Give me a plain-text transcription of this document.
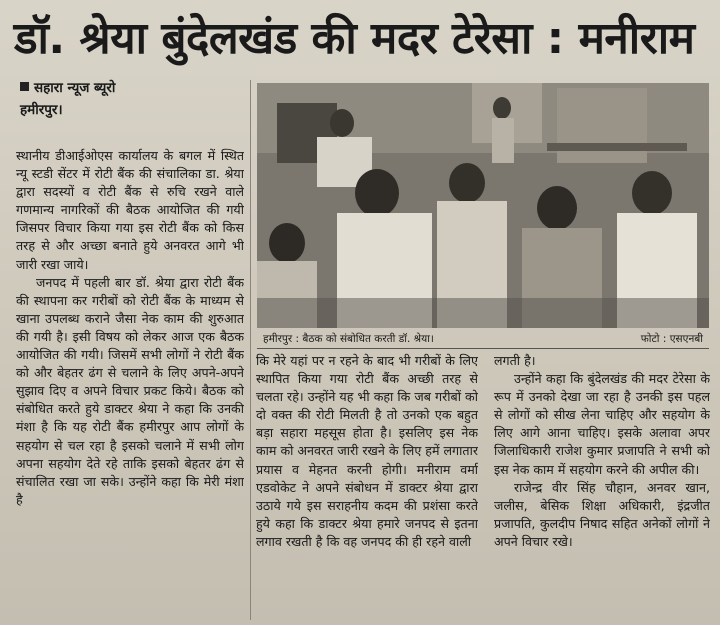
डॉ. श्रेया बुंदेलखंड की मदर टेरेसा : मनीराम
सहारा न्यूज ब्यूरो
हमीरपुर।

स्थानीय डीआईओएस कार्यालय के बगल में स्थित न्यू स्टडी सेंटर में रोटी बैंक की संचालिका डा. श्रेया द्वारा सदस्यों व रोटी बैंक से रुचि रखने वाले गणमान्य नागरिकों की बैठक आयोजित की गयी जिसपर विचार किया गया इस रोटी बैंक को किस तरह से और अच्छा बनाते हुये अनवरत आगे भी जारी रखा जाये।

जनपद में पहली बार डॉ. श्रेया द्वारा रोटी बैंक की स्थापना कर गरीबों को रोटी बैंक के माध्यम से खाना उपलब्ध कराने जैसा नेक काम की शुरुआत की गयी है। इसी विषय को लेकर आज एक बैठक आयोजित की गयी। जिसमें सभी लोगों ने रोटी बैंक को और बेहतर ढंग से चलाने के लिए अपने-अपने सुझाव दिए व अपने विचार प्रकट किये। बैठक को संबोधित करते हुये डाक्टर श्रेया ने कहा कि उनकी मंशा है कि यह रोटी बैंक हमीरपुर आप लोगों के सहयोग से चल रहा है इसको चलाने में सभी लोग अपना सहयोग देते रहे ताकि इसको बेहतर ढंग से संचालित रखा जा सके। उन्होंने कहा कि मेरी मंशा है

हमीरपुर : बैठक को संबोधित करती डॉ. श्रेया।	फोटो : एसएनबी

कि मेरे यहां पर न रहने के बाद भी गरीबों के लिए स्थापित किया गया रोटी बैंक अच्छी तरह से चलता रहे। उन्होंने यह भी कहा कि जब गरीबों को दो वक्त की रोटी मिलती है तो उनको एक बहुत बड़ा सहारा महसूस होता है। इसलिए इस नेक काम को अनवरत जारी रखने के लिए हमें लगातार प्रयास व मेहनत करनी होगी। मनीराम वर्मा एडवोकेट ने अपने संबोधन में डाक्टर श्रेया द्वारा उठाये गये इस सराहनीय कदम की प्रशंसा करते हुये कहा कि डाक्टर श्रेया हमारे जनपद से इतना लगाव रखती है कि वह जनपद की ही रहने वाली

लगती है।

उन्होंने कहा कि बुंदेलखंड की मदर टेरेसा के रूप में उनको देखा जा रहा है उनकी इस पहल से लोगों को सीख लेना चाहिए और सहयोग के लिए आगे आना चाहिए। इसके अलावा अपर जिलाधिकारी राजेश कुमार प्रजापति ने सभी को इस नेक काम में सहयोग करने की अपील की।

राजेन्द्र वीर सिंह चौहान, अनवर खान, जलीस, बेसिक शिक्षा अधिकारी, इंद्रजीत प्रजापति, कुलदीप निषाद सहित अनेकों लोगों ने अपने विचार रखे।
